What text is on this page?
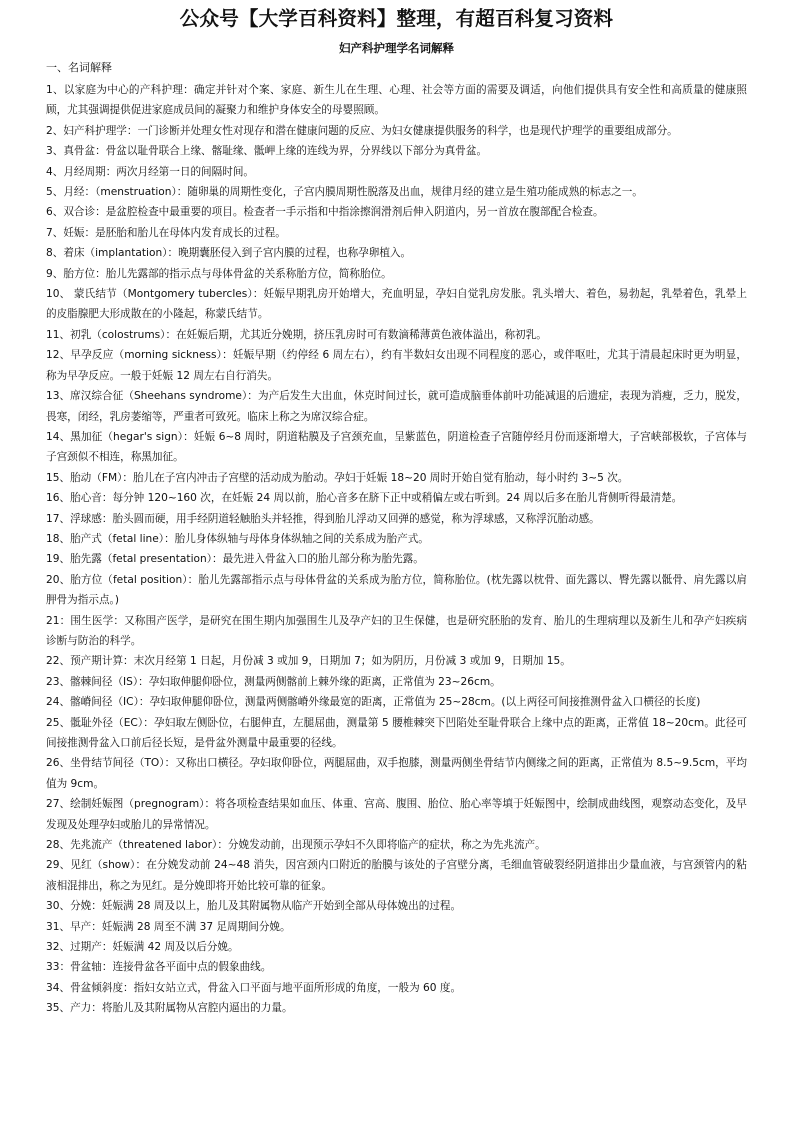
公众号【大学百科资料】整理，有超百科复习资料
妇产科护理学名词解释
一、名词解释
1、以家庭为中心的产科护理：确定并针对个案、家庭、新生儿在生理、心理、社会等方面的需要及调适，向他们提供具有安全性和高质量的健康照顾，尤其强调提供促进家庭成员间的凝聚力和维护身体安全的母婴照顾。
2、妇产科护理学：一门诊断并处理女性对现存和潜在健康问题的反应、为妇女健康提供服务的科学，也是现代护理学的重要组成部分。
3、真骨盆：骨盆以耻骨联合上缘、髂耻缘、骶岬上缘的连线为界，分界线以下部分为真骨盆。
4、月经周期：两次月经第一日的间隔时间。
5、月经：（menstruation）：随卵巢的周期性变化，子宫内膜周期性脱落及出血，规律月经的建立是生殖功能成熟的标志之一。
6、双合诊：是盆腔检查中最重要的项目。检查者一手示指和中指涂擦润滑剂后伸入阴道内，另一首放在腹部配合检查。
7、妊娠：是胚胎和胎儿在母体内发育成长的过程。
8、着床（implantation）：晚期囊胚侵入到子宫内膜的过程，也称孕卵植入。
9、胎方位：胎儿先露部的指示点与母体骨盆的关系称胎方位，简称胎位。
10、 蒙氏结节（Montgomery tubercles）：妊娠早期乳房开始增大，充血明显，孕妇自觉乳房发胀。乳头增大、着色，易勃起，乳晕着色，乳晕上的皮脂腺肥大形成散在的小隆起，称蒙氏结节。
11、初乳（colostrums）：在妊娠后期，尤其近分娩期，挤压乳房时可有数滴稀薄黄色液体溢出，称初乳。
12、早孕反应（morning sickness）：妊娠早期（约停经 6 周左右），约有半数妇女出现不同程度的恶心，或伴呕吐，尤其于清晨起床时更为明显，称为早孕反应。一般于妊娠 12 周左右自行消失。
13、席汉综合征（Sheehans syndrome）：为产后发生大出血，休克时间过长，就可造成脑垂体前叶功能减退的后遗症，表现为消瘦，乏力，脱发，畏寒，闭经，乳房萎缩等，严重者可致死。临床上称之为席汉综合症。
14、黑加征（hegar's sign）：妊娠 6~8 周时，阴道粘膜及子宫颈充血，呈紫蓝色，阴道检查子宫随停经月份而逐渐增大，子宫峡部极软，子宫体与子宫颈似不相连，称黑加征。
15、胎动（FM）：胎儿在子宫内冲击子宫壁的活动成为胎动。孕妇于妊娠 18~20 周时开始自觉有胎动，每小时约 3~5 次。
16、胎心音：每分钟 120~160 次，在妊娠 24 周以前，胎心音多在脐下正中或稍偏左或右听到。24 周以后多在胎儿背侧听得最清楚。
17、浮球感：胎头圆而硬，用手经阴道轻触胎头并轻推，得到胎儿浮动又回弹的感觉，称为浮球感，又称浮沉胎动感。
18、胎产式（fetal line）：胎儿身体纵轴与母体身体纵轴之间的关系成为胎产式。
19、胎先露（fetal presentation）：最先进入骨盆入口的胎儿部分称为胎先露。
20、胎方位（fetal position）：胎儿先露部指示点与母体骨盆的关系成为胎方位，简称胎位。(枕先露以枕骨、面先露以、臀先露以骶骨、肩先露以肩胛骨为指示点。)
21：围生医学：又称围产医学，是研究在围生期内加强围生儿及孕产妇的卫生保健，也是研究胚胎的发育、胎儿的生理病理以及新生儿和孕产妇疾病诊断与防治的科学。
22、预产期计算：末次月经第 1 日起，月份减 3 或加 9，日期加 7；如为阴历，月份减 3 或加 9，日期加 15。
23、髂棘间径（IS）：孕妇取伸腿仰卧位，测量两侧髂前上棘外缘的距离，正常值为 23~26cm。
24、髂嵴间径（IC）：孕妇取伸腿仰卧位，测量两侧髂嵴外缘最宽的距离，正常值为 25~28cm。(以上两径可间接推测骨盆入口横径的长度)
25、骶耻外径（EC）：孕妇取左侧卧位，右腿伸直，左腿屈曲，测量第 5 腰椎棘突下凹陷处至耻骨联合上缘中点的距离，正常值 18~20cm。此径可间接推测骨盆入口前后径长短，是骨盆外测量中最重要的径线。
26、坐骨结节间径（TO）：又称出口横径。孕妇取仰卧位，两腿屈曲，双手抱膝，测量两侧坐骨结节内侧缘之间的距离，正常值为 8.5~9.5cm，平均值为 9cm。
27、绘制妊娠图（pregnogram）：将各项检查结果如血压、体重、宫高、腹围、胎位、胎心率等填于妊娠图中，绘制成曲线图，观察动态变化，及早发现及处理孕妇或胎儿的异常情况。
28、先兆流产（threatened labor）：分娩发动前，出现预示孕妇不久即将临产的症状，称之为先兆流产。
29、见红（show）：在分娩发动前 24~48 消失，因宫颈内口附近的胎膜与该处的子宫壁分离，毛细血管破裂经阴道排出少量血液，与宫颈管内的粘液相混排出，称之为见红。是分娩即将开始比较可靠的征象。
30、分娩：妊娠满 28 周及以上，胎儿及其附属物从临产开始到全部从母体娩出的过程。
31、早产：妊娠满 28 周至不满 37 足周期间分娩。
32、过期产：妊娠满 42 周及以后分娩。
33：骨盆轴：连接骨盆各平面中点的假象曲线。
34、骨盆倾斜度：指妇女站立式，骨盆入口平面与地平面所形成的角度，一般为 60 度。
35、产力：将胎儿及其附属物从宫腔内逼出的力量。
